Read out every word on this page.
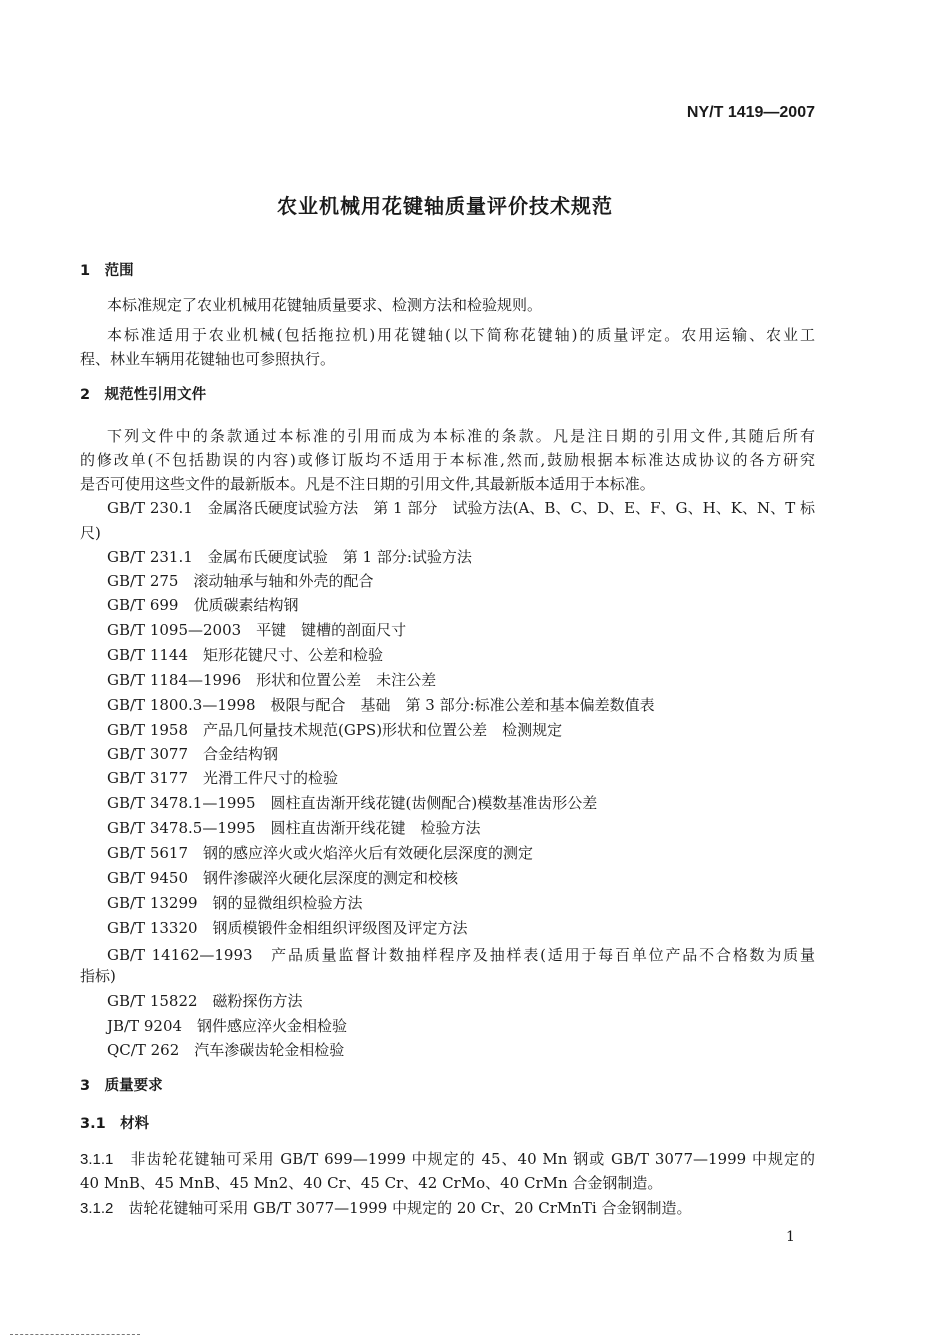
NY/T 1419—2007
农业机械用花键轴质量评价技术规范
1　范围
本标准规定了农业机械用花键轴质量要求、检测方法和检验规则。
本标准适用于农业机械(包括拖拉机)用花键轴(以下简称花键轴)的质量评定。农用运输、农业工
程、林业车辆用花键轴也可参照执行。
2　规范性引用文件
下列文件中的条款通过本标准的引用而成为本标准的条款。凡是注日期的引用文件,其随后所有
的修改单(不包括勘误的内容)或修订版均不适用于本标准,然而,鼓励根据本标准达成协议的各方研究
是否可使用这些文件的最新版本。凡是不注日期的引用文件,其最新版本适用于本标准。
GB/T 230.1　金属洛氏硬度试验方法　第 1 部分　试验方法(A、B、C、D、E、F、G、H、K、N、T 标
尺)
GB/T 231.1　金属布氏硬度试验　第 1 部分:试验方法
GB/T 275　滚动轴承与轴和外壳的配合
GB/T 699　优质碳素结构钢
GB/T 1095—2003　平键　键槽的剖面尺寸
GB/T 1144　矩形花键尺寸、公差和检验
GB/T 1184—1996　形状和位置公差　未注公差
GB/T 1800.3—1998　极限与配合　基础　第 3 部分:标准公差和基本偏差数值表
GB/T 1958　产品几何量技术规范(GPS)形状和位置公差　检测规定
GB/T 3077　合金结构钢
GB/T 3177　光滑工件尺寸的检验
GB/T 3478.1—1995　圆柱直齿渐开线花键(齿侧配合)模数基准齿形公差
GB/T 3478.5—1995　圆柱直齿渐开线花键　检验方法
GB/T 5617　钢的感应淬火或火焰淬火后有效硬化层深度的测定
GB/T 9450　钢件渗碳淬火硬化层深度的测定和校核
GB/T 13299　钢的显微组织检验方法
GB/T 13320　钢质模锻件金相组织评级图及评定方法
GB/T 14162—1993　产品质量监督计数抽样程序及抽样表(适用于每百单位产品不合格数为质量
指标)
GB/T 15822　磁粉探伤方法
JB/T 9204　钢件感应淬火金相检验
QC/T 262　汽车渗碳齿轮金相检验
3　质量要求
3.1　材料
3.1.1　 非齿轮花键轴可采用 GB/T 699—1999 中规定的 45、40 Mn 钢或 GB/T 3077—1999 中规定的
40 MnB、45 MnB、45 Mn2、40 Cr、45 Cr、42 CrMo、40 CrMn 合金钢制造。
3.1.2　 齿轮花键轴可采用 GB/T 3077—1999 中规定的 20 Cr、20 CrMnTi 合金钢制造。
1
